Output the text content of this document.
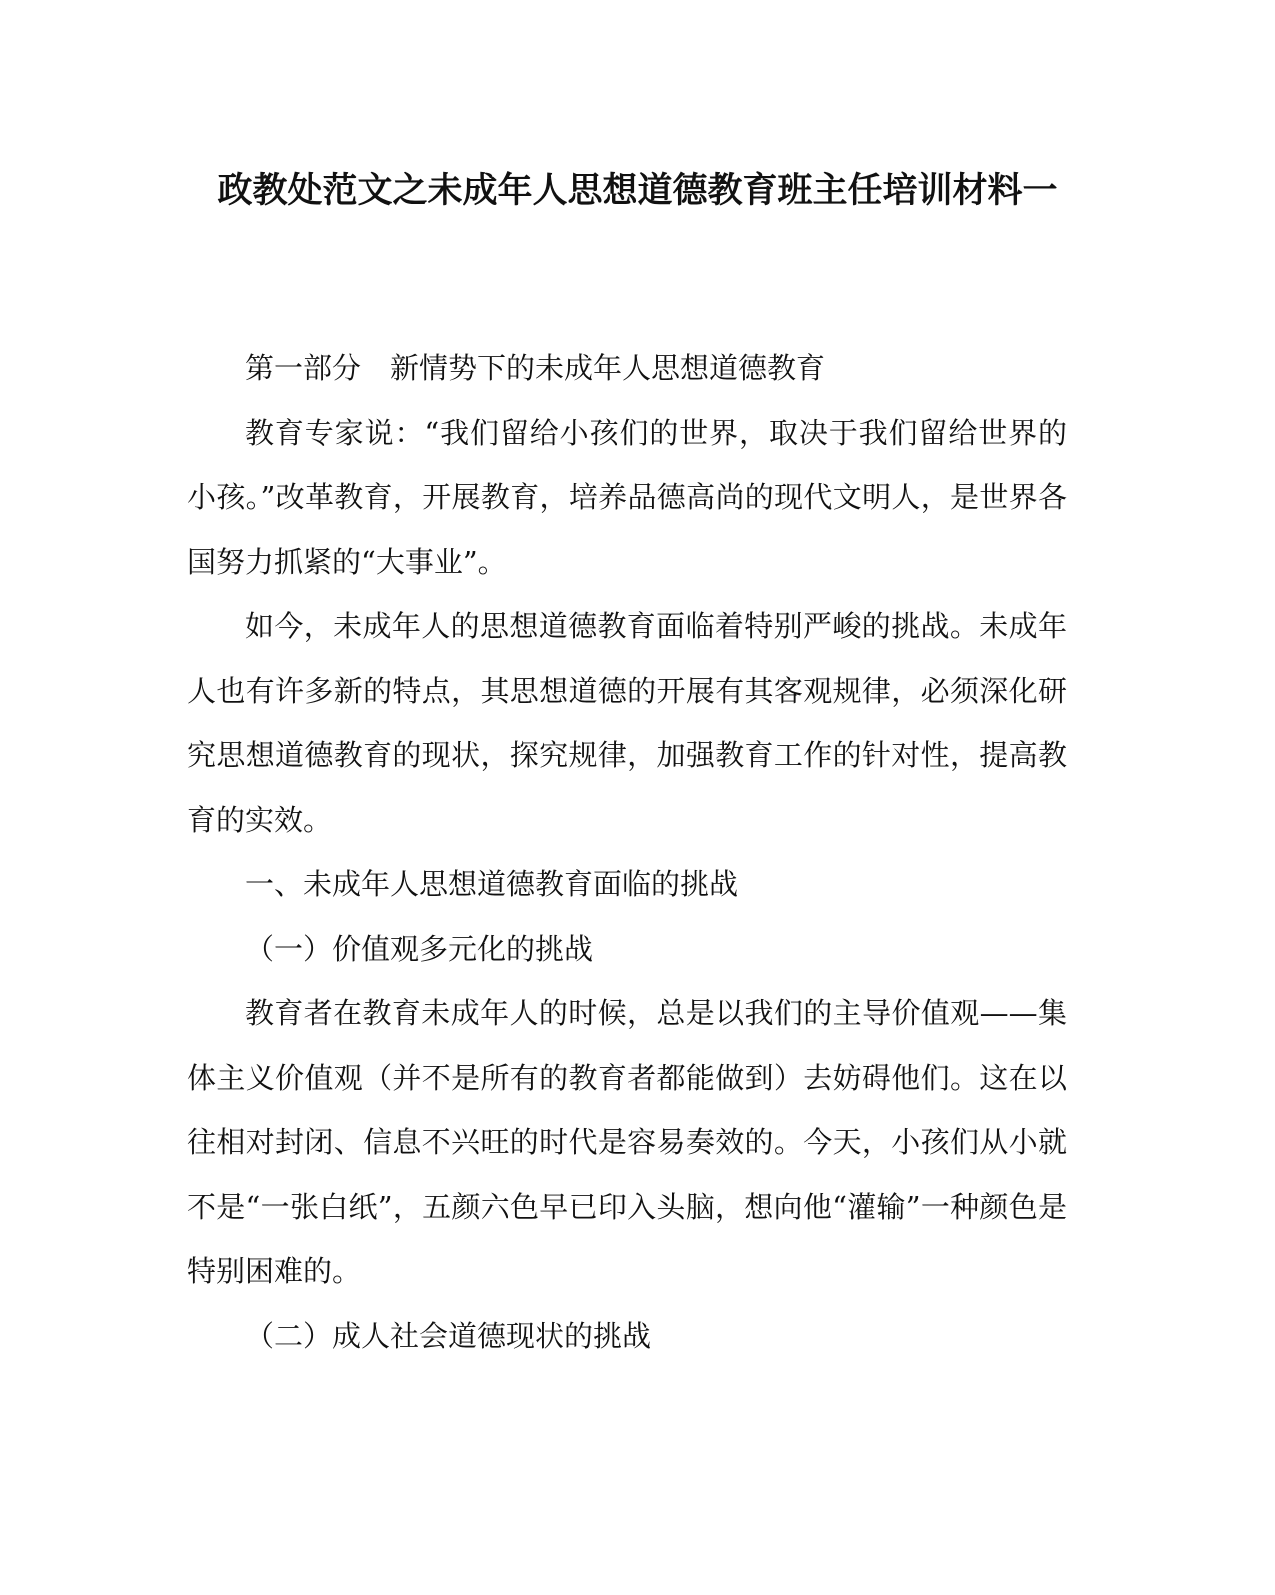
政教处范文之未成年人思想道德教育班主任培训材料一

第一部分　新情势下的未成年人思想道德教育

教育专家说：“我们留给小孩们的世界，取决于我们留给世界的小孩。”改革教育，开展教育，培养品德高尚的现代文明人，是世界各国努力抓紧的“大事业”。

如今，未成年人的思想道德教育面临着特别严峻的挑战。未成年人也有许多新的特点，其思想道德的开展有其客观规律，必须深化研究思想道德教育的现状，探究规律，加强教育工作的针对性，提高教育的实效。

一、未成年人思想道德教育面临的挑战

（一）价值观多元化的挑战

教育者在教育未成年人的时候，总是以我们的主导价值观——集体主义价值观（并不是所有的教育者都能做到）去妨碍他们。这在以往相对封闭、信息不兴旺的时代是容易奏效的。今天，小孩们从小就不是“一张白纸”，五颜六色早已印入头脑，想向他“灌输”一种颜色是特别困难的。

（二）成人社会道德现状的挑战
